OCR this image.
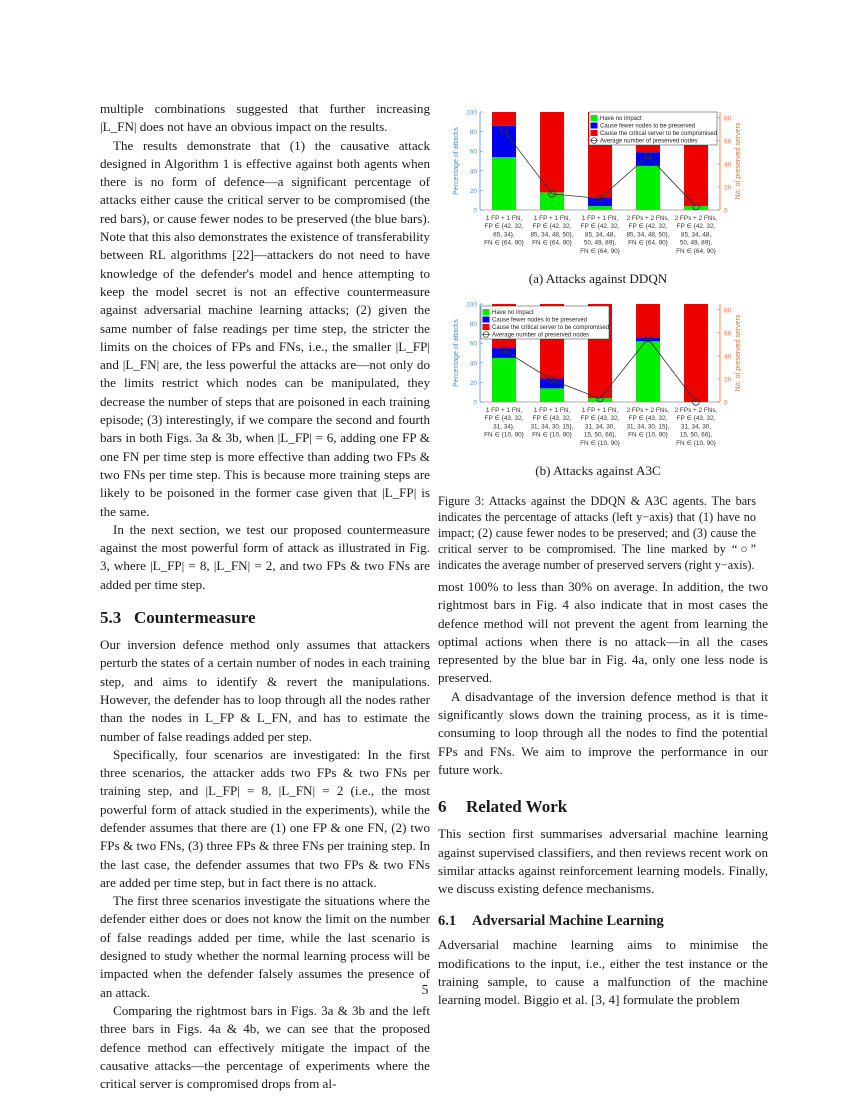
multiple combinations suggested that further increasing |L_FN| does not have an obvious impact on the results.

The results demonstrate that (1) the causative attack designed in Algorithm 1 is effective against both agents when there is no form of defence—a significant percentage of attacks either cause the critical server to be compromised (the red bars), or cause fewer nodes to be preserved (the blue bars). Note that this also demonstrates the existence of transferability between RL algorithms [22]—attackers do not need to have knowledge of the defender's model and hence attempting to keep the model secret is not an effective countermeasure against adversarial machine learning attacks; (2) given the same number of false readings per time step, the stricter the limits on the choices of FPs and FNs, i.e., the smaller |L_FP| and |L_FN| are, the less powerful the attacks are—not only do the limits restrict which nodes can be manipulated, they decrease the number of steps that are poisoned in each training episode; (3) interestingly, if we compare the second and fourth bars in both Figs. 3a & 3b, when |L_FP| = 6, adding one FP & one FN per time step is more effective than adding two FPs & two FNs per time step. This is because more training steps are likely to be poisoned in the former case given that |L_FP| is the same.

In the next section, we test our proposed countermeasure against the most powerful form of attack as illustrated in Fig. 3, where |L_FP| = 8, |L_FN| = 2, and two FPs & two FNs are added per time step.

5.3 Countermeasure

Our inversion defence method only assumes that attackers perturb the states of a certain number of nodes in each training step, and aims to identify & revert the manipulations. However, the defender has to loop through all the nodes rather than the nodes in L_FP & L_FN, and has to estimate the number of false readings added per step.

Specifically, four scenarios are investigated: In the first three scenarios, the attacker adds two FPs & two FNs per training step, and |L_FP| = 8, |L_FN| = 2 (i.e., the most powerful form of attack studied in the experiments), while the defender assumes that there are (1) one FP & one FN, (2) two FPs & two FNs, (3) three FPs & three FNs per training step. In the last case, the defender assumes that two FPs & two FNs are added per time step, but in fact there is no attack.

The first three scenarios investigate the situations where the defender either does or does not know the limit on the number of false readings added per time, while the last scenario is designed to study whether the normal learning process will be impacted when the defender falsely assumes the presence of an attack.

Comparing the rightmost bars in Figs. 3a & 3b and the left three bars in Figs. 4a & 4b, we can see that the proposed defence method can effectively mitigate the impact of the causative attacks—the percentage of experiments where the critical server is compromised drops from al-

0
20
40
60
80
100
0
20
40
60
80
Percentage of attacks	No. of preserved servers
1 FP + 1 FN,
FP ∈ {42, 32,
85, 34},
FN ∈ {64, 90}
1 FP + 1 FN,
FP ∈ {42, 32,
85, 34, 48, 50},
FN ∈ {64, 90}
1 FP + 1 FN,
FP ∈ {42, 32,
85, 34, 48,
50, 49, 89},
FN ∈ {64, 90}
2 FPs + 2 FNs,
FP ∈ {42, 32,
85, 34, 48, 50},
FN ∈ {64, 90}
2 FPs + 2 FNs,
FP ∈ {42, 32,
85, 34, 48,
50, 49, 89},
FN ∈ {64, 90}
Have no impact
Cause fewer nodes to be preserved
Cause the critical server to be compromised
Average number of preserved nodes
(a) Attacks against DDQN
0
20
40
60
80
100
0
20
40
60
80
Percentage of attacks	No. of preserved servers
1 FP + 1 FN,
FP ∈ {43, 32,
31, 34},
FN ∈ {10, 90}
1 FP + 1 FN,
FP ∈ {43, 32,
31, 34, 30, 15},
FN ∈ {10, 90}
1 FP + 1 FN,
FP ∈ {43, 32,
31, 34, 30,
15, 50, 66},
FN ∈ {10, 90}
2 FPs + 2 FNs,
FP ∈ {43, 32,
31, 34, 30, 15},
FN ∈ {10, 90}
2 FPs + 2 FNs,
FP ∈ {43, 32,
31, 34, 30,
15, 50, 66},
FN ∈ {10, 90}
Have no impact
Cause fewer nodes to be preserved
Cause the critical server to be compromised
Average number of preserved nodes
(b) Attacks against A3C
Figure 3: Attacks against the DDQN & A3C agents. The bars indicates the percentage of attacks (left y−axis) that (1) have no impact; (2) cause fewer nodes to be preserved; and (3) cause the critical server to be compromised. The line marked by “○” indicates the average number of preserved servers (right y−axis).

most 100% to less than 30% on average. In addition, the two rightmost bars in Fig. 4 also indicate that in most cases the defence method will not prevent the agent from learning the optimal actions when there is no attack—in all the cases represented by the blue bar in Fig. 4a, only one less node is preserved.

A disadvantage of the inversion defence method is that it significantly slows down the training process, as it is time-consuming to loop through all the nodes to find the potential FPs and FNs. We aim to improve the performance in our future work.

6 Related Work

This section first summarises adversarial machine learning against supervised classifiers, and then reviews recent work on similar attacks against reinforcement learning models. Finally, we discuss existing defence mechanisms.

6.1 Adversarial Machine Learning

Adversarial machine learning aims to minimise the modifications to the input, i.e., either the test instance or the training sample, to cause a malfunction of the machine learning model. Biggio et al. [3, 4] formulate the problem

5
